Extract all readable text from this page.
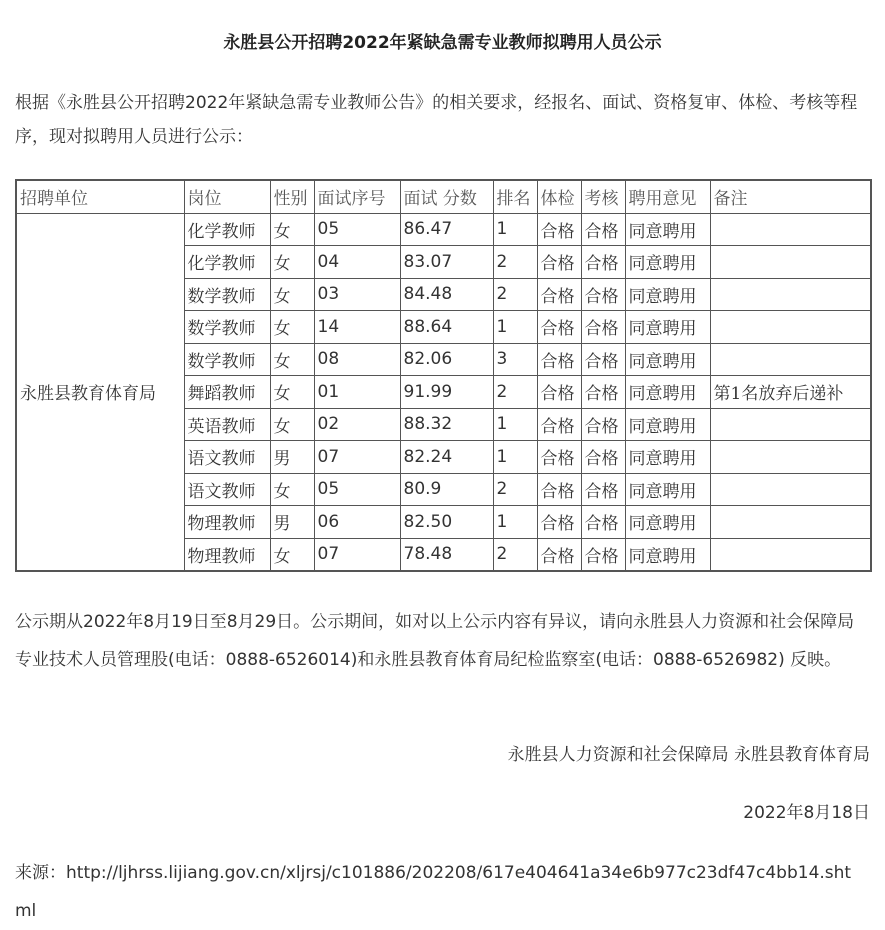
永胜县公开招聘2022年紧缺急需专业教师拟聘用人员公示
根据《永胜县公开招聘2022年紧缺急需专业教师公告》的相关要求，经报名、面试、资格复审、体检、考核等程序，现对拟聘用人员进行公示：
招聘单位	岗位	性别	面试序号	面试 分数	排名	体检	考核	聘用意见	备注
永胜县教育体育局	化学教师	女	05	86.47	1	合格	合格	同意聘用	
	化学教师	女	04	83.07	2	合格	合格	同意聘用	
	数学教师	女	03	84.48	2	合格	合格	同意聘用	
	数学教师	女	14	88.64	1	合格	合格	同意聘用	
	数学教师	女	08	82.06	3	合格	合格	同意聘用	
	舞蹈教师	女	01	91.99	2	合格	合格	同意聘用	第1名放弃后递补
	英语教师	女	02	88.32	1	合格	合格	同意聘用	
	语文教师	男	07	82.24	1	合格	合格	同意聘用	
	语文教师	女	05	80.9	2	合格	合格	同意聘用	
	物理教师	男	06	82.50	1	合格	合格	同意聘用	
	物理教师	女	07	78.48	2	合格	合格	同意聘用	
公示期从2022年8月19日至8月29日。公示期间，如对以上公示内容有异议，请向永胜县人力资源和社会保障局专业技术人员管理股(电话：0888-6526014)和永胜县教育体育局纪检监察室(电话：0888-6526982) 反映。
永胜县人力资源和社会保障局 永胜县教育体育局
2022年8月18日
来源：http://ljhrss.lijiang.gov.cn/xljrsj/c101886/202208/617e404641a34e6b977c23df47c4bb14.shtml
